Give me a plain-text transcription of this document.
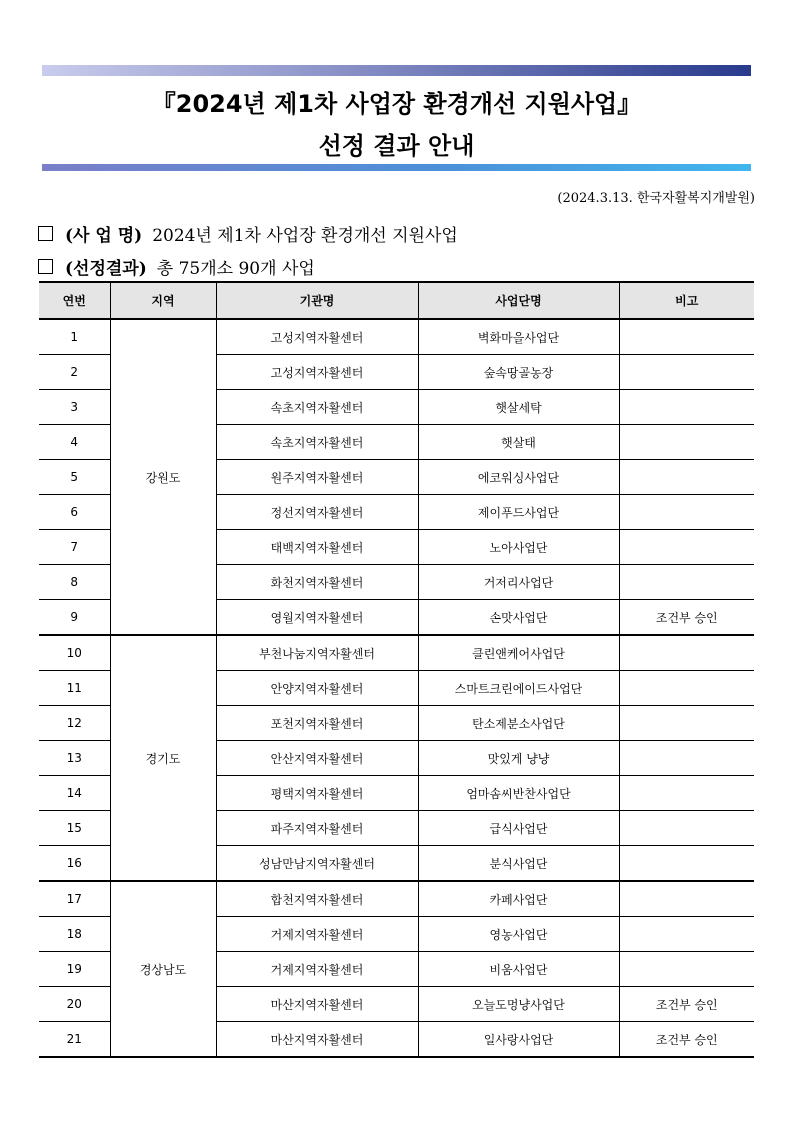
『2024년 제1차 사업장 환경개선 지원사업』
선정 결과 안내
(2024.3.13. 한국자활복지개발원)
(사 업 명) 2024년 제1차 사업장 환경개선 지원사업
(선정결과) 총 75개소 90개 사업
연번	지역	기관명	사업단명	비고
1	강원도	고성지역자활센터	벽화마을사업단	
2		고성지역자활센터	숲속땅골농장	
3		속초지역자활센터	햇살세탁	
4		속초지역자활센터	햇살태	
5		원주지역자활센터	에코워싱사업단	
6		정선지역자활센터	제이푸드사업단	
7		태백지역자활센터	노아사업단	
8		화천지역자활센터	거저리사업단	
9		영월지역자활센터	손맛사업단	조건부 승인
10	경기도	부천나눔지역자활센터	클린앤케어사업단	
11		안양지역자활센터	스마트크린에이드사업단	
12		포천지역자활센터	탄소제분소사업단	
13		안산지역자활센터	맛있게 냥냥	
14		평택지역자활센터	엄마솜씨반찬사업단	
15		파주지역자활센터	급식사업단	
16		성남만남지역자활센터	분식사업단	
17	경상남도	합천지역자활센터	카페사업단	
18		거제지역자활센터	영농사업단	
19		거제지역자활센터	비움사업단	
20		마산지역자활센터	오늘도멍냥사업단	조건부 승인
21		마산지역자활센터	일사랑사업단	조건부 승인
